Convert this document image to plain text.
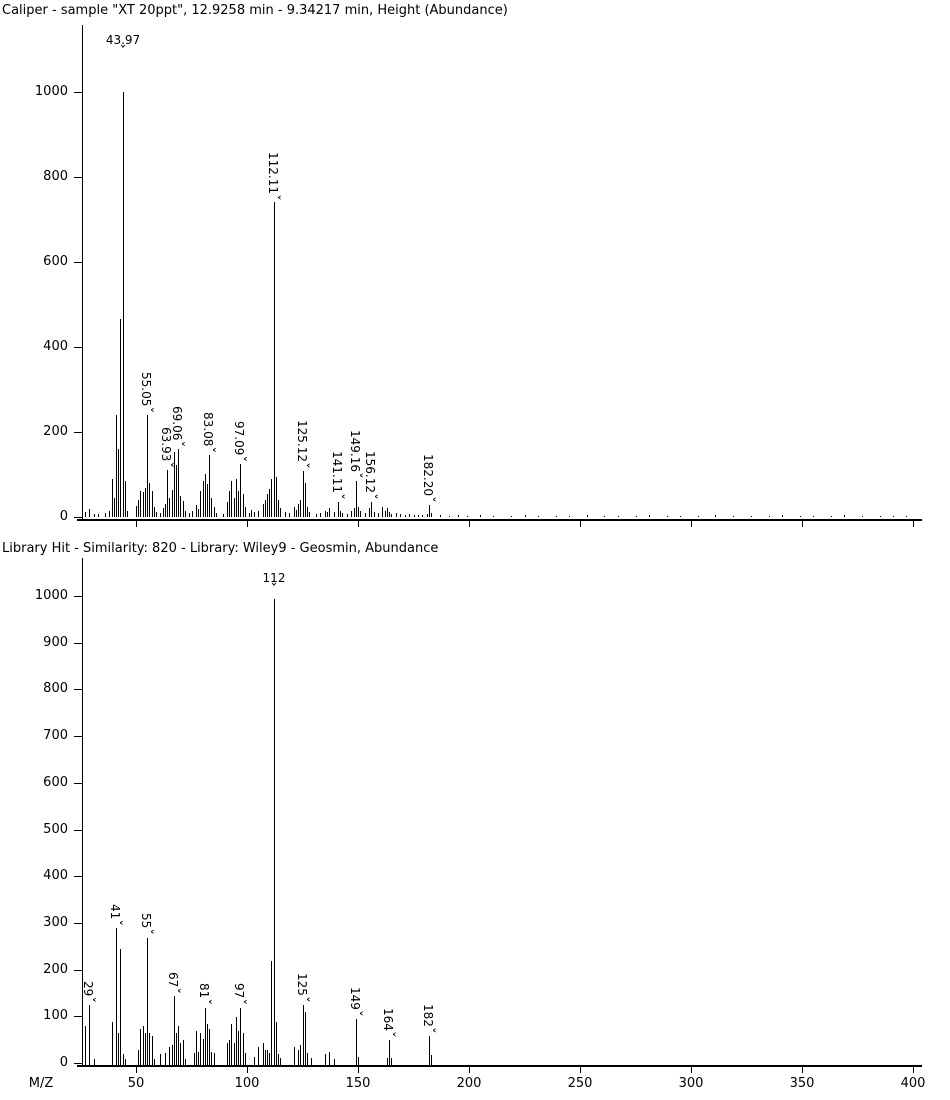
Caliper - sample "XT 20ppt", 12.9258 min - 9.34217 min, Height (Abundance)
Library Hit - Similarity: 820 - Library: Wiley9 - Geosmin, Abundance
0
200
400
600
800
1000
0
100
200
300
400
500
600
700
800
900
1000
50	100	150	200	250	300	350	400
M/Z
43.97
ˇ
55.05ˇ
63.93ˇ
69.06ˇ 83.08ˇ 97.09ˇ
112.11ˇ
125.12ˇ 141.11ˇ
149.16ˇ 156.12ˇ
182.20ˇ
29ˇ
41ˇ 55ˇ
67ˇ 81ˇ
97ˇ
112
ˇ
125ˇ	149ˇ 164ˇ
182ˇ
